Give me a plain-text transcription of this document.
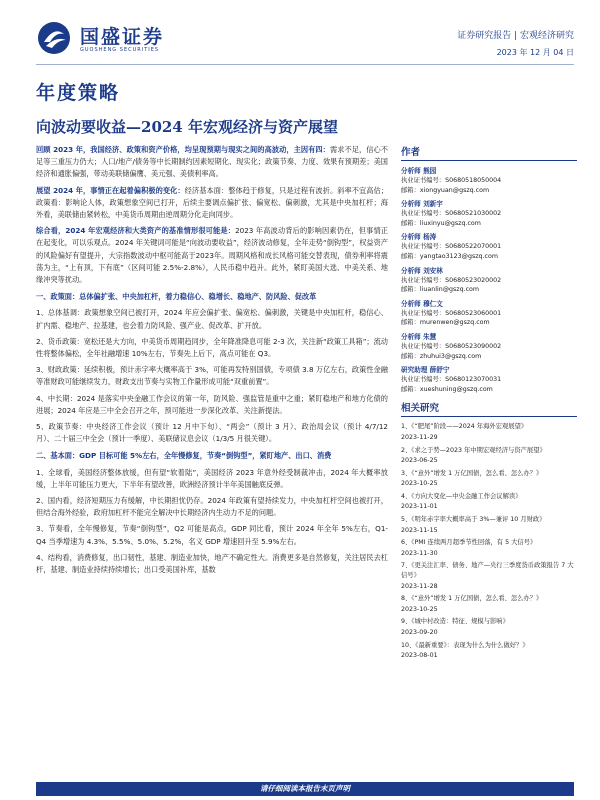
国盛证券
GUOSHENG SECURITIES
证券研究报告 | 宏观经济研究
2023 年 12 月 04 日
年度策略
向波动要收益—2024 年宏观经济与资产展望

回顾 2023 年，我国经济、政策和资产价格，均呈现预期与现实之间的高波动，主因有四：需求不足，信心不足等三重压力仍大；人口/地产/债务等中长期制约因素短期化、现实化；政策节奏、力度、效果有预期差；美国经济和通胀偏强，带动美联储偏鹰、美元强、美债利率高。

展望 2024 年，事情正在起着偏积极的变化：经济基本面：整体趋于修复，只是过程有波折。斜率不宜高估；政策看：影响论人体，政策想象空间已打开，后续主要调点偏扩张、偏宽松、偏刺激，尤其是中央加杠杆；海外看，美联储由紧转松，中美货币周期由逆周期分化走向同步。

综合看，2024 年宏观经济和大类资产的基准情形很可能是：2023 年高波动背后的影响因素仍在，但事情正在起变化，可以乐观点。2024 年关键词可能是“向波动要收益”，经济波动修复，全年走势“倒钩型”，权益资产的风险偏好有望提升，大宗指数波动中枢可能高于2023年。周期风格和成长风格可能交替表现，债券利率将震荡为主，“上有顶，下有底”（区间可能 2.5%-2.8%），人民币稳中趋升。此外，紧盯美国大选、中美关系、地缘冲突等扰动。

一、政策面：总体偏扩张、中央加杠杆，着力稳信心、稳增长、稳地产、防风险、促改革

1、总体基调：政策想象空间已被打开，2024 年应会偏扩张、偏宽松、偏刺激，关键是中央加杠杆，稳信心、扩内需、稳地产、拉基建，也会着力防风险、强产业、促改革、扩开放。

2、货币政策：宽松还是大方向，中美货币周期趋同步，全年降准降息可能 2-3 次，关注新“政策工具箱”；流动性将整体偏松，全年社融增速 10%左右，节奏先上后下，高点可能在 Q3。

3、财政政策：延续积极，预计赤字率大概率高于 3%，可能再发特别国债，专项债 3.8 万亿左右，政策性金融等准财政可能继续发力，财政支出节奏与实物工作量形成可能“双重前置”。

4、中长期：2024 是落实中央金融工作会议的第一年，防风险、强监管是重中之重；紧盯稳地产和地方化债的进展；2024 年应是三中全会召开之年，预可能进一步深化改革、关注新提法。

5、政策节奏：中央经济工作会议（预计 12 月中下旬）、“两会”（预计 3 月）、政治局会议（预计 4/7/12 月）、二十届三中全会（预计一季度）、美联储议息会议（1/3/5 月很关键）。

二、基本面：GDP 目标可能 5%左右，全年慢修复，节奏“倒钩型”，紧盯地产、出口、消费

1、全球看，美国经济整体放缓，但有望“软着陆”，美国经济 2023 年意外经受制裁冲击，2024 年大概率放缓，上半年可能压力更大，下半年有望改善，欧洲经济预计半年美国触底反弹。

2、国内看，经济短期压力有缓解，中长期担忧仍存。2024 年政策有望持续发力，中央加杠杆空间也被打开，但结合海外经验，政府加杠杆不能完全解决中长期经济内生动力不足的问题。

3、节奏看，全年慢修复，节奏“倒钩型”，Q2 可能是高点，GDP 同比看，预计 2024 年全年 5%左右，Q1-Q4 当季增速为 4.3%、5.5%、5.0%、5.2%，名义 GDP 增速回升至 5.9%左右。

4、结构看，消费修复，出口韧性，基建、制造业加快，地产不确定性大。消费更多是自然修复，关注居民去杠杆，基建、制造业持续持续增长；出口受美国补库，基数

作者
分析师 熊园
执业证书编号：S0680518050004
邮箱：xiongyuan@gszq.com
分析师 刘新宇
执业证书编号：S0680521030002
邮箱：liuxinyu@gszq.com
分析师 杨涛
执业证书编号：S0680522070001
邮箱：yangtao3123@gszq.com
分析师 刘安林
执业证书编号：S0680523020002
邮箱：liuanlin@gszq.com
分析师 穆仁文
执业证书编号：S0680523060001
邮箱：murenwen@gszq.com
分析师 朱慧
执业证书编号：S0680523090002
邮箱：zhuhui3@gszq.com
研究助理 薛舒宁
执业证书编号：S0680123070031
邮箱：xueshuning@gszq.com
相关研究
1、《“肥尾”阶段——2024 年海外宏观展望》
2023-11-29
2、《求之于势—2023 年中期宏观经济与资产展望》
2023-06-25
3、《“意外”增发 1 万亿国债，怎么看、怎么办？》
2023-10-25
4、《方向大变化—中央金融工作会议解读》
2023-11-01
5、《明年赤字率大概率高于 3%—兼评 10 月财政》
2023-11-15
6、《PMI 连续两月超季节性回落，有 5 大信号》
2023-11-30
7、《更关注汇率、债务、地产—央行三季度货币政策报告 7 大信号》
2023-11-28
8、《“意外”增发 1 万亿国债，怎么看、怎么办？》
2023-10-25
9、《城中村改造：特征、规模与影响》
2023-09-20
10、《最新重要》：表现为什么为什么做好？》
2023-08-01
请仔细阅读本报告末页声明
